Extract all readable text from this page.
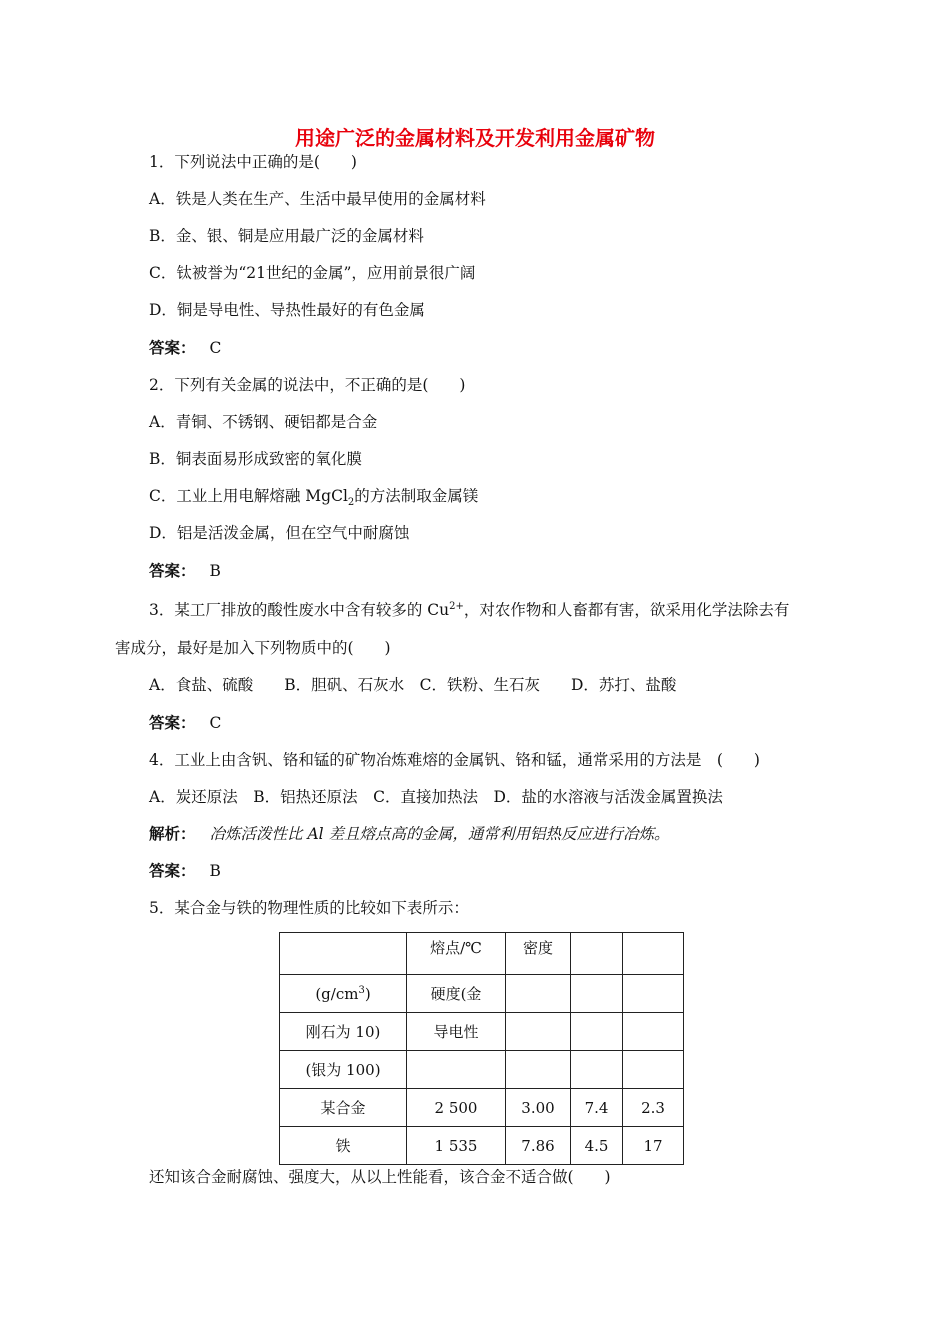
用途广泛的金属材料及开发利用金属矿物
1．下列说法中正确的是(　　)
A．铁是人类在生产、生活中最早使用的金属材料
B．金、银、铜是应用最广泛的金属材料
C．钛被誉为“21世纪的金属”，应用前景很广阔
D．铜是导电性、导热性最好的有色金属
答案： C
2．下列有关金属的说法中，不正确的是(　　)
A．青铜、不锈钢、硬铝都是合金
B．铜表面易形成致密的氧化膜
C．工业上用电解熔融 MgCl$_2$的方法制取金属镁
D．铝是活泼金属，但在空气中耐腐蚀
答案： B
3．某工厂排放的酸性废水中含有较多的 $Cu^{2+}$，对农作物和人畜都有害，欲采用化学法除去有
害成分，最好是加入下列物质中的(　　)
A．食盐、硫酸　　B．胆矾、石灰水　C．铁粉、生石灰　　D．苏打、盐酸
答案： C
4．工业上由含钒、铬和锰的矿物冶炼难熔的金属钒、铬和锰，通常采用的方法是　(　　)
A．炭还原法　B．铝热还原法　C．直接加热法　D．盐的水溶液与活泼金属置换法
解析： 冶炼活泼性比 Al 差且熔点高的金属，通常利用铝热反应进行冶炼。
答案： B
5．某合金与铁的物理性质的比较如下表所示：
	熔点/℃	密度		
$(g/cm^3)$	硬度(金			
刚石为 10)	导电性			
(银为 100)				
某合金	2 500	3.00	7.4	2.3
铁	1 535	7.86	4.5	17
还知该合金耐腐蚀、强度大，从以上性能看，该合金不适合做(　　)
